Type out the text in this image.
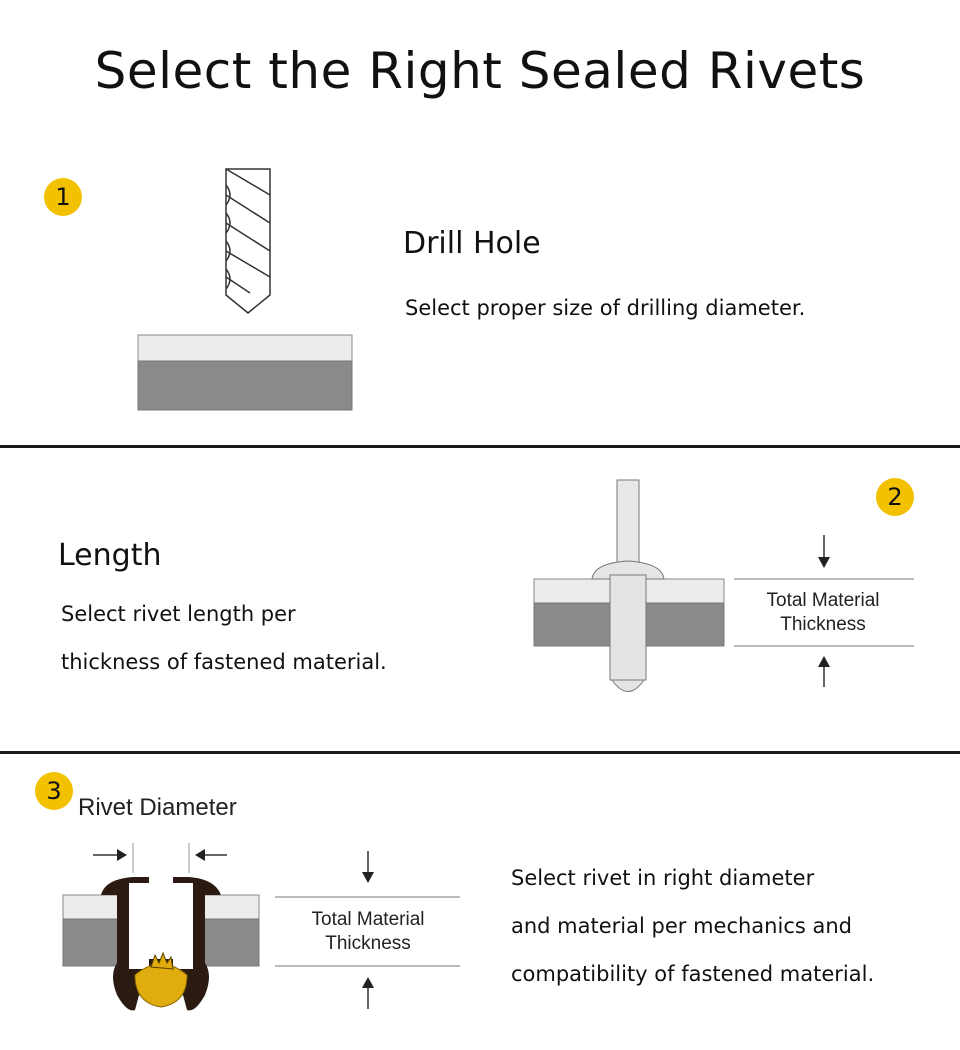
Select the Right Sealed Rivets
1
Drill Hole
Select proper size of drilling diameter.
Length
Select rivet length per
thickness of fastened material.
2
Total Material
Thickness
3
Rivet Diameter
Total Material
Thickness
Select rivet in right diameter
and material per mechanics and
compatibility of fastened material.
